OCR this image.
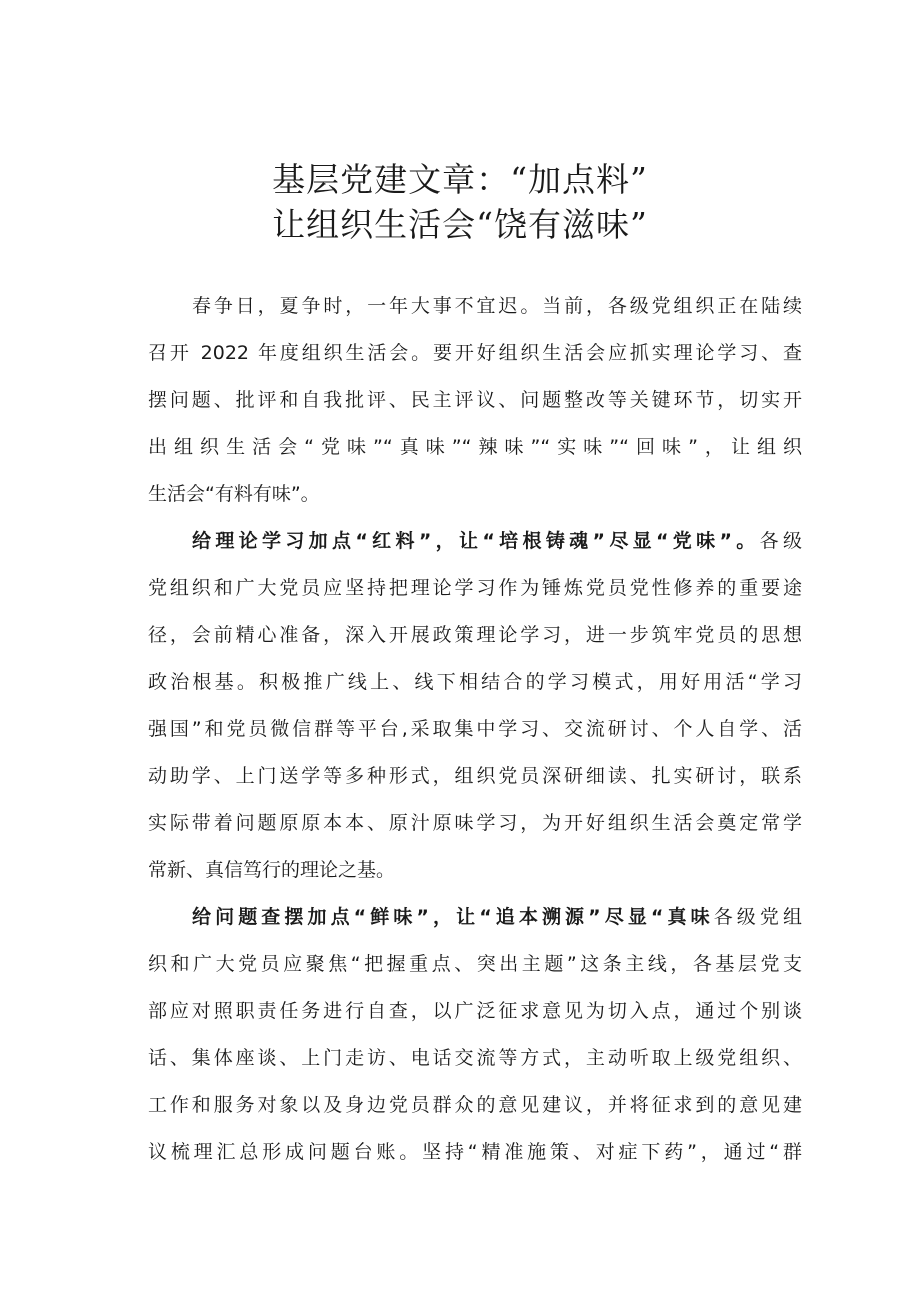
基层党建文章：“加点料”
让组织生活会“饶有滋味”
春争日，夏争时，一年大事不宜迟。当前，各级党组织正在陆续
召开 2022 年度组织生活会。要开好组织生活会应抓实理论学习、查
摆问题、批评和自我批评、民主评议、问题整改等关键环节，切实开
出组织生活会“党味”“真味”“辣味”“实味”“回味”，让组织
生活会“有料有味”。
给理论学习加点“红料”，让“培根铸魂”尽显“党味”。各级
党组织和广大党员应坚持把理论学习作为锤炼党员党性修养的重要途
径，会前精心准备，深入开展政策理论学习，进一步筑牢党员的思想
政治根基。积极推广线上、线下相结合的学习模式，用好用活“学习
强国”和党员微信群等平台,采取集中学习、交流研讨、个人自学、活
动助学、上门送学等多种形式，组织党员深研细读、扎实研讨，联系
实际带着问题原原本本、原汁原味学习，为开好组织生活会奠定常学
常新、真信笃行的理论之基。
给问题查摆加点“鲜味”，让“追本溯源”尽显“真味各级党组
织和广大党员应聚焦“把握重点、突出主题”这条主线，各基层党支
部应对照职责任务进行自查，以广泛征求意见为切入点，通过个别谈
话、集体座谈、上门走访、电话交流等方式，主动听取上级党组织、
工作和服务对象以及身边党员群众的意见建议，并将征求到的意见建
议梳理汇总形成问题台账。坚持“精准施策、对症下药”，通过“群
